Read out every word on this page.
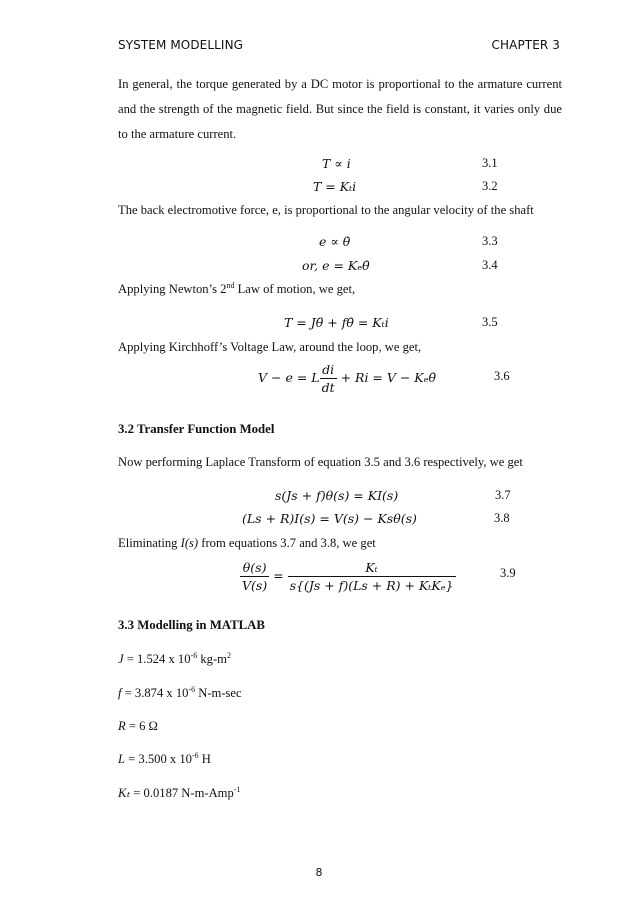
SYSTEM MODELLING	CHAPTER 3
In general, the torque generated by a DC motor is proportional to the armature current and the strength of the magnetic field. But since the field is constant, it varies only due to the armature current.
T ∝ i	3.1
T = Kₜi	3.2
The back electromotive force, e, is proportional to the angular velocity of the shaft
e ∝ θ̇	3.3
or, e = Kₑθ̇	3.4
Applying Newton’s 2nd Law of motion, we get,
T = Jθ̈ + fθ̇ = Kₜi	3.5
Applying Kirchhoff’s Voltage Law, around the loop, we get,
V − e = L $\frac{di}{dt} + Ri = V$ − Kₑθ̇	3.6
3.2 Transfer Function Model
Now performing Laplace Transform of equation 3.5 and 3.6 respectively, we get
s(Js + f)θ(s) = KI(s)	3.7
(Ls + R)I(s) = V(s) − Ksθ(s)	3.8
Eliminating I(s) from equations 3.7 and 3.8, we get
$\frac{\theta(s)}{V(s)} = \frac{\text{Kₜ}}{\text{s\{(Js + f)(Ls + R) + KₜKₑ\}}}$	3.9
3.3 Modelling in MATLAB
J = 1.524 x $10^{-6}$ $kg-m^2$
f = 3.874 x $10^{-6}$ N-m-sec
R = 6 Ω
L = 3.500 x $10^{-6}$ H
Kₜ = 0.0187 N-m-Amp$^{-1}$
8
